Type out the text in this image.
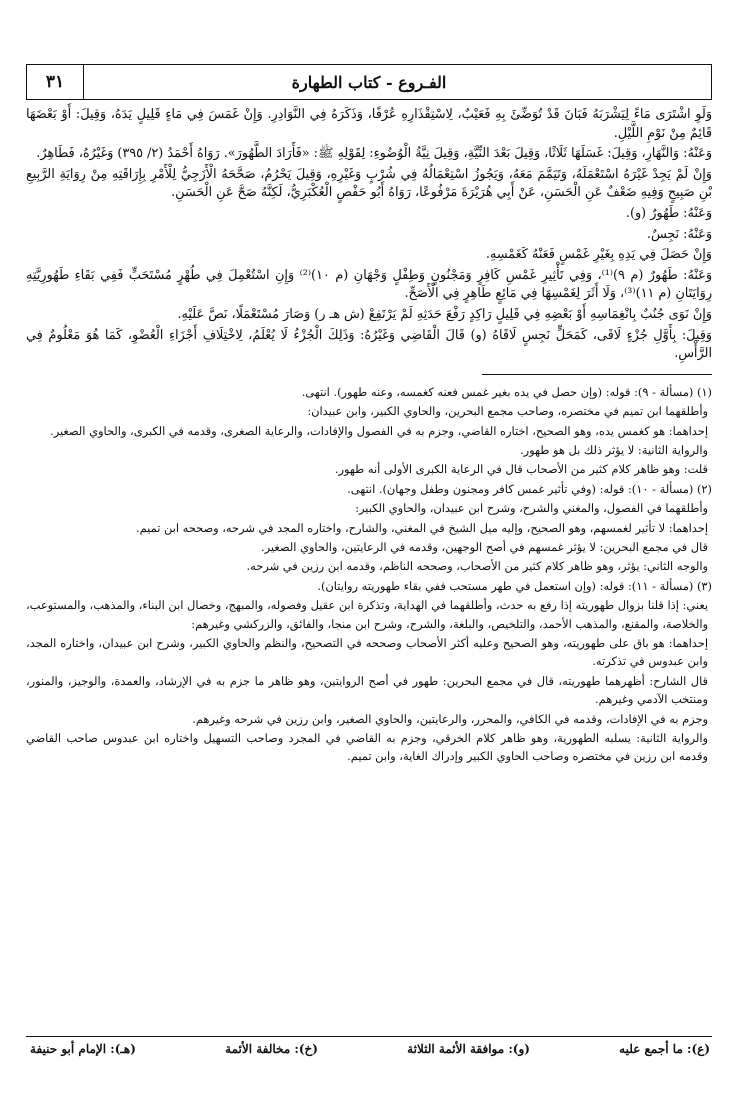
الفـروع - كتاب الطهارة
٣١

وَلَوِ اشْتَرَى مَاءً لِيَشْرَبَهُ فَبَانَ قَدْ تُوَضِّئَ بِهِ فَعَيْبٌ، لِاسْتِقْذَارِهِ عُرْفًا، وَذَكَرَهُ فِي النَّوَادِرِ. وَإِنْ غَمَسَ فِي مَاءٍ قَلِيلٍ يَدَهُ، وَقِيلَ: أَوْ بَعْضَهَا قَائِمٌ مِنْ نَوْمِ اللَّيْلِ.

وَعَنْهُ: وَالنَّهَارِ، وَقِيلَ: غَسَلَهَا ثَلَاثًا، وَقِيلَ بَعْدَ النِّيَّةِ، وَقِيلَ نِيَّةُ الْوُضُوءِ: لِقَوْلِهِ ﷺ: «فَأَرَادَ الطَّهُورَ». رَوَاهُ أَحْمَدُ (٢/ ٣٩٥) وَغَيْرُهُ، فَطَاهِرٌ.

وَإِنْ لَمْ يَجِدْ غَيْرَهُ اسْتَعْمَلَهُ، وَتَيَمَّمَ مَعَهُ، وَيَجُوزُ اسْتِعْمَالُهُ فِي شُرْبٍ وَغَيْرِهِ، وَقِيلَ يَحْرُمُ، صَحَّحَهُ الْأَزَجِيُّ لِلْأَمْرِ بِإِرَاقَتِهِ مِنْ رِوَايَةِ الرَّبِيعِ بْنِ صَبِيحٍ وَفِيهِ ضَعْفٌ عَنِ الْحَسَنِ، عَنْ أَبِي هُرَيْرَةَ مَرْفُوعًا، رَوَاهُ أَبُو حَفْصٍ الْعُكْبَرِيُّ، لَكِنَّهُ صَحَّ عَنِ الْحَسَنِ.

وَعَنْهُ: طَهُورٌ (و).

وَعَنْهُ: نَجِسٌ.

وَإِنْ حَصَلَ فِي يَدِهِ بِغَيْرِ غَمْسٍ فَعَنْهُ كَغَمْسِهِ.

وَعَنْهُ: طَهُورٌ (م ٩)⁽¹⁾، وَفِي تَأْثِيرِ غَمْسِ كَافِرٍ وَمَجْنُونٍ وَطِفْلٍ وَجْهَانِ (م ١٠)⁽²⁾ وَإِنِ اسْتُعْمِلَ فِي طُهْرٍ مُسْتَحَبٍّ فَفِي بَقَاءِ طَهُورِيَّتِهِ رِوَايَتَانِ (م ١١)⁽³⁾، وَلَا أَثَرَ لِغَمْسِهَا فِي مَائِعٍ طَاهِرٍ فِي الْأَصَحِّ.

وَإِنْ نَوَى جُنُبٌ بِانْغِمَاسِهِ أَوْ بَعْضِهِ فِي قَلِيلٍ رَاكِدٍ رَفْعَ حَدَثِهِ لَمْ يَرْتَفِعْ (ش هـ ر) وَصَارَ مُسْتَعْمَلًا، نَصَّ عَلَيْهِ.

وَقِيلَ: بِأَوَّلِ جُزْءٍ لَاقَى، كَمَحَلٍّ نَجِسٍ لَاقَاهُ (و) قَالَ الْقَاضِي وَغَيْرُهُ: وَذَلِكَ الْجُزْءُ لَا يُعْلَمُ، لِاخْتِلَافِ أَجْزَاءِ الْعُضْوِ، كَمَا هُوَ مَعْلُومٌ فِي الرَّأْسِ.

(١) (مسألة - ٩): قوله: (وإن حصل في يده بغير غمس فعنه كغمسه، وعنه طهور). انتهى.

وأطلقهما ابن تميم في مختصره، وصاحب مجمع البحرين، والحاوي الكبير، وابن عبيدان:

إحداهما: هو كغمس يده، وهو الصحيح، اختاره القاضي، وجزم به في الفصول والإفادات، والرعاية الصغرى، وقدمه في الكبرى، والحاوي الصغير.

والرواية الثانية: لا يؤثر ذلك بل هو طهور.

قلت: وهو ظاهر كلام كثير من الأصحاب قال في الرعاية الكبرى الأولى أنه طهور.

(٢) (مسألة - ١٠): قوله: (وفي تأثير غمس كافر ومجنون وطفل وجهان). انتهى.

وأطلقهما في الفصول، والمغني والشرح، وشرح ابن عبيدان، والحاوي الكبير:

إحداهما: لا تأثير لغمسهم، وهو الصحيح، وإليه ميل الشيخ في المغني، والشارح، واختاره المجد في شرحه، وصححه ابن تميم.

قال في مجمع البحرين: لا يؤثر غمسهم في أصح الوجهين، وقدمه في الرعايتين، والحاوي الصغير.

والوجه الثاني: يؤثر، وهو ظاهر كلام كثير من الأصحاب، وصححه الناظم، وقدمه ابن رزين في شرحه.

(٣) (مسألة - ١١): قوله: (وإن استعمل في طهر مستحب ففي بقاء طهوريته روايتان).

يعني: إذا قلنا بزوال طهوريته إذا رفع به حدث، وأطلقهما في الهداية، وتذكرة ابن عقيل وفصوله، والمبهج، وخصال ابن البناء، والمذهب، والمستوعب، والخلاصة، والمقنع، والمذهب الأحمد، والتلخيص، والبلغة، والشرح، وشرح ابن منجا، والفائق، والزركشي وغيرهم:

إحداهما: هو باق على طهوريته، وهو الصحيح وعليه أكثر الأصحاب وصححه في التصحيح، والنظم والحاوي الكبير، وشرح ابن عبيدان، واختاره المجد، وابن عبدوس في تذكرته.

قال الشارح: أظهرهما طهوريته، قال في مجمع البحرين: طهور في أصح الروايتين، وهو ظاهر ما جزم به في الإرشاد، والعمدة، والوجيز، والمنور، ومنتخب الآدمي وغيرهم.

وجزم به في الإفادات، وقدمه في الكافي، والمحرر، والرعايتين، والحاوي الصغير، وابن رزين في شرحه وغيرهم.

والرواية الثانية: يسلبه الطهورية، وهو ظاهر كلام الخرقي، وجزم به القاضي في المجرد وصاحب التسهيل واختاره ابن عبدوس صاحب القاضي وقدمه ابن رزين في مختصره وصاحب الحاوي الكبير وإدراك الغاية، وابن تميم.

(ع): ما أجمع عليه
(و): موافقة الأئمة الثلاثة
(خ): مخالفة الأئمة
(هـ): الإمام أبو حنيفة
